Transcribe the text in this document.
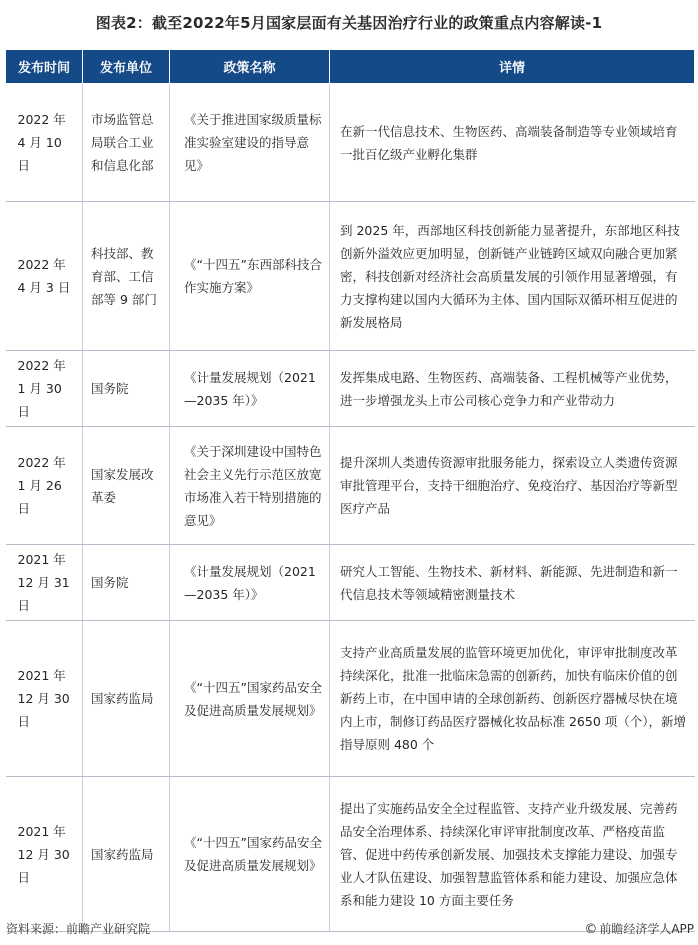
图表2：截至2022年5月国家层面有关基因治疗行业的政策重点内容解读-1
发布时间	发布单位	政策名称	详情
2022 年 4 月 10 日	市场监管总局联合工业和信息化部	《关于推进国家级质量标准实验室建设的指导意见》	在新一代信息技术、生物医药、高端装备制造等专业领域培育一批百亿级产业孵化集群
2022 年 4 月 3 日	科技部、教育部、工信部等 9 部门	《“十四五”东西部科技合作实施方案》	到 2025 年，西部地区科技创新能力显著提升，东部地区科技创新外溢效应更加明显，创新链产业链跨区域双向融合更加紧密，科技创新对经济社会高质量发展的引领作用显著增强，有力支撑构建以国内大循环为主体、国内国际双循环相互促进的新发展格局
2022 年 1 月 30 日	国务院	《计量发展规划（2021—2035 年）》	发挥集成电路、生物医药、高端装备、工程机械等产业优势，进一步增强龙头上市公司核心竞争力和产业带动力
2022 年 1 月 26 日	国家发展改革委	《关于深圳建设中国特色社会主义先行示范区放宽市场准入若干特别措施的意见》	提升深圳人类遗传资源审批服务能力，探索设立人类遗传资源审批管理平台，支持干细胞治疗、免疫治疗、基因治疗等新型医疗产品
2021 年 12 月 31 日	国务院	《计量发展规划（2021—2035 年）》	研究人工智能、生物技术、新材料、新能源、先进制造和新一代信息技术等领域精密测量技术
2021 年 12 月 30 日	国家药监局	《“十四五”国家药品安全及促进高质量发展规划》	支持产业高质量发展的监管环境更加优化，审评审批制度改革持续深化，批准一批临床急需的创新药，加快有临床价值的创新药上市，在中国申请的全球创新药、创新医疗器械尽快在境内上市，制修订药品医疗器械化妆品标准 2650 项（个），新增指导原则 480 个
2021 年 12 月 30 日	国家药监局	《“十四五”国家药品安全及促进高质量发展规划》	提出了实施药品安全全过程监管、支持产业升级发展、完善药品安全治理体系、持续深化审评审批制度改革、严格疫苗监管、促进中药传承创新发展、加强技术支撑能力建设、加强专业人才队伍建设、加强智慧监管体系和能力建设、加强应急体系和能力建设 10 方面主要任务
资料来源：前瞻产业研究院	© 前瞻经济学人APP
